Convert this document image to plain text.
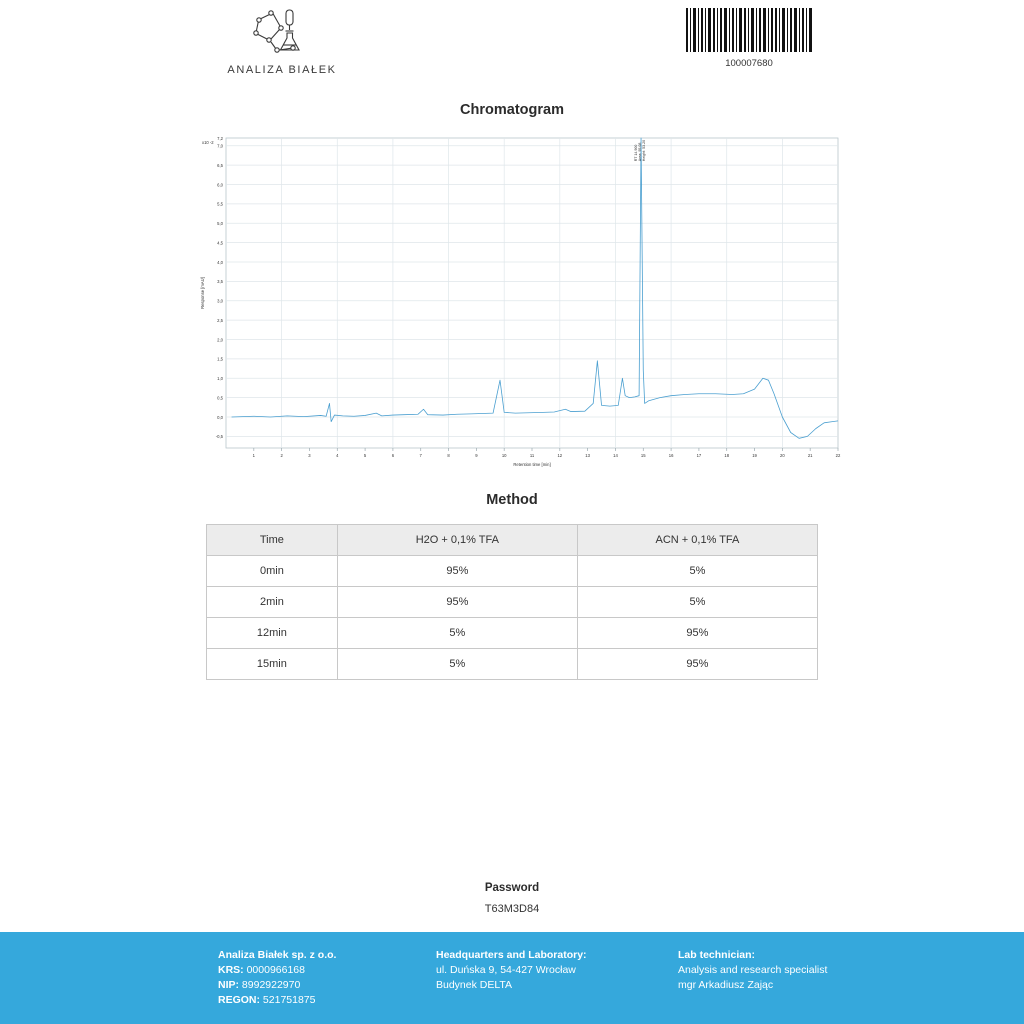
ANALIZA BIAŁEK
100007680
Chromatogram
7,2
7,0
6,5
6,0
5,5
5,0
4,5
4,0
3,5
3,0
2,5
2,0
1,5
1,0
0,5
0,0
-0,5
x10 -2
1	2	3	4	5	6	7	8	9	10	11	12	13	14	15	16	17	18	19	20	21	22
Retention time [min]
Response [mAU]
RT 14.900 Area: 95.08 Height: 53.20
Method
Time	H2O + 0,1% TFA	ACN + 0,1% TFA
0min	95%	5%
2min	95%	5%
12min	5%	95%
15min	5%	95%
Password
T63M3D84
Analiza Białek sp. z o.o.
KRS: 0000966168
NIP: 8992922970
REGON: 521751875
Headquarters and Laboratory:
ul. Duńska 9, 54-427 Wrocław
Budynek DELTA
Lab technician:
Analysis and research specialist
mgr Arkadiusz Zając
